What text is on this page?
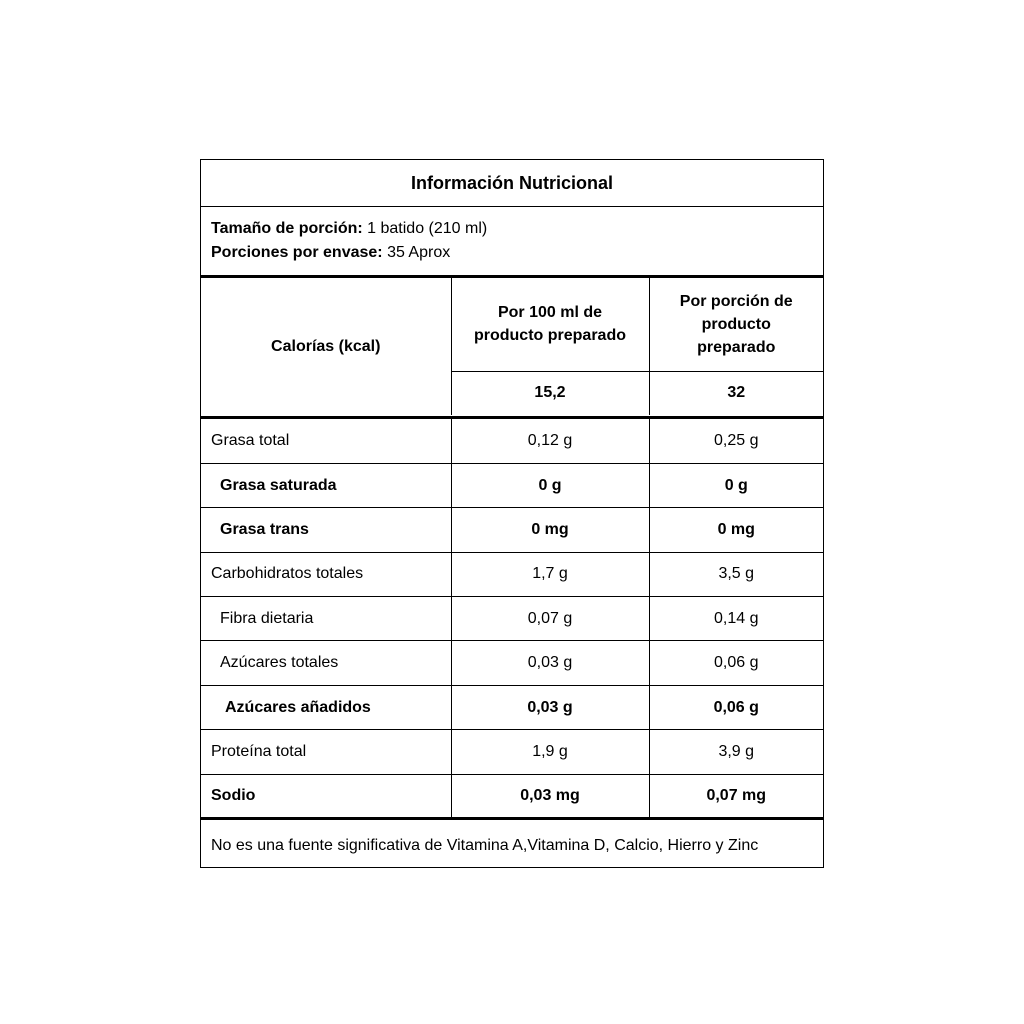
Información Nutricional
Tamaño de porción: 1 batido (210 ml)
Porciones por envase: 35 Aprox
Calorías (kcal)	Por 100 ml de producto preparado	Por porción de producto preparado

	15,2	32
Grasa total	0,12 g	0,25 g
Grasa saturada	0 g	0 g
Grasa trans	0 mg	0 mg
Carbohidratos totales	1,7 g	3,5 g
Fibra dietaria	0,07 g	0,14 g
Azúcares totales	0,03 g	0,06 g
Azúcares añadidos	0,03 g	0,06 g
Proteína total	1,9 g	3,9 g
Sodio	0,03 mg	0,07 mg
No es una fuente significativa de Vitamina A,Vitamina D, Calcio, Hierro y Zinc
